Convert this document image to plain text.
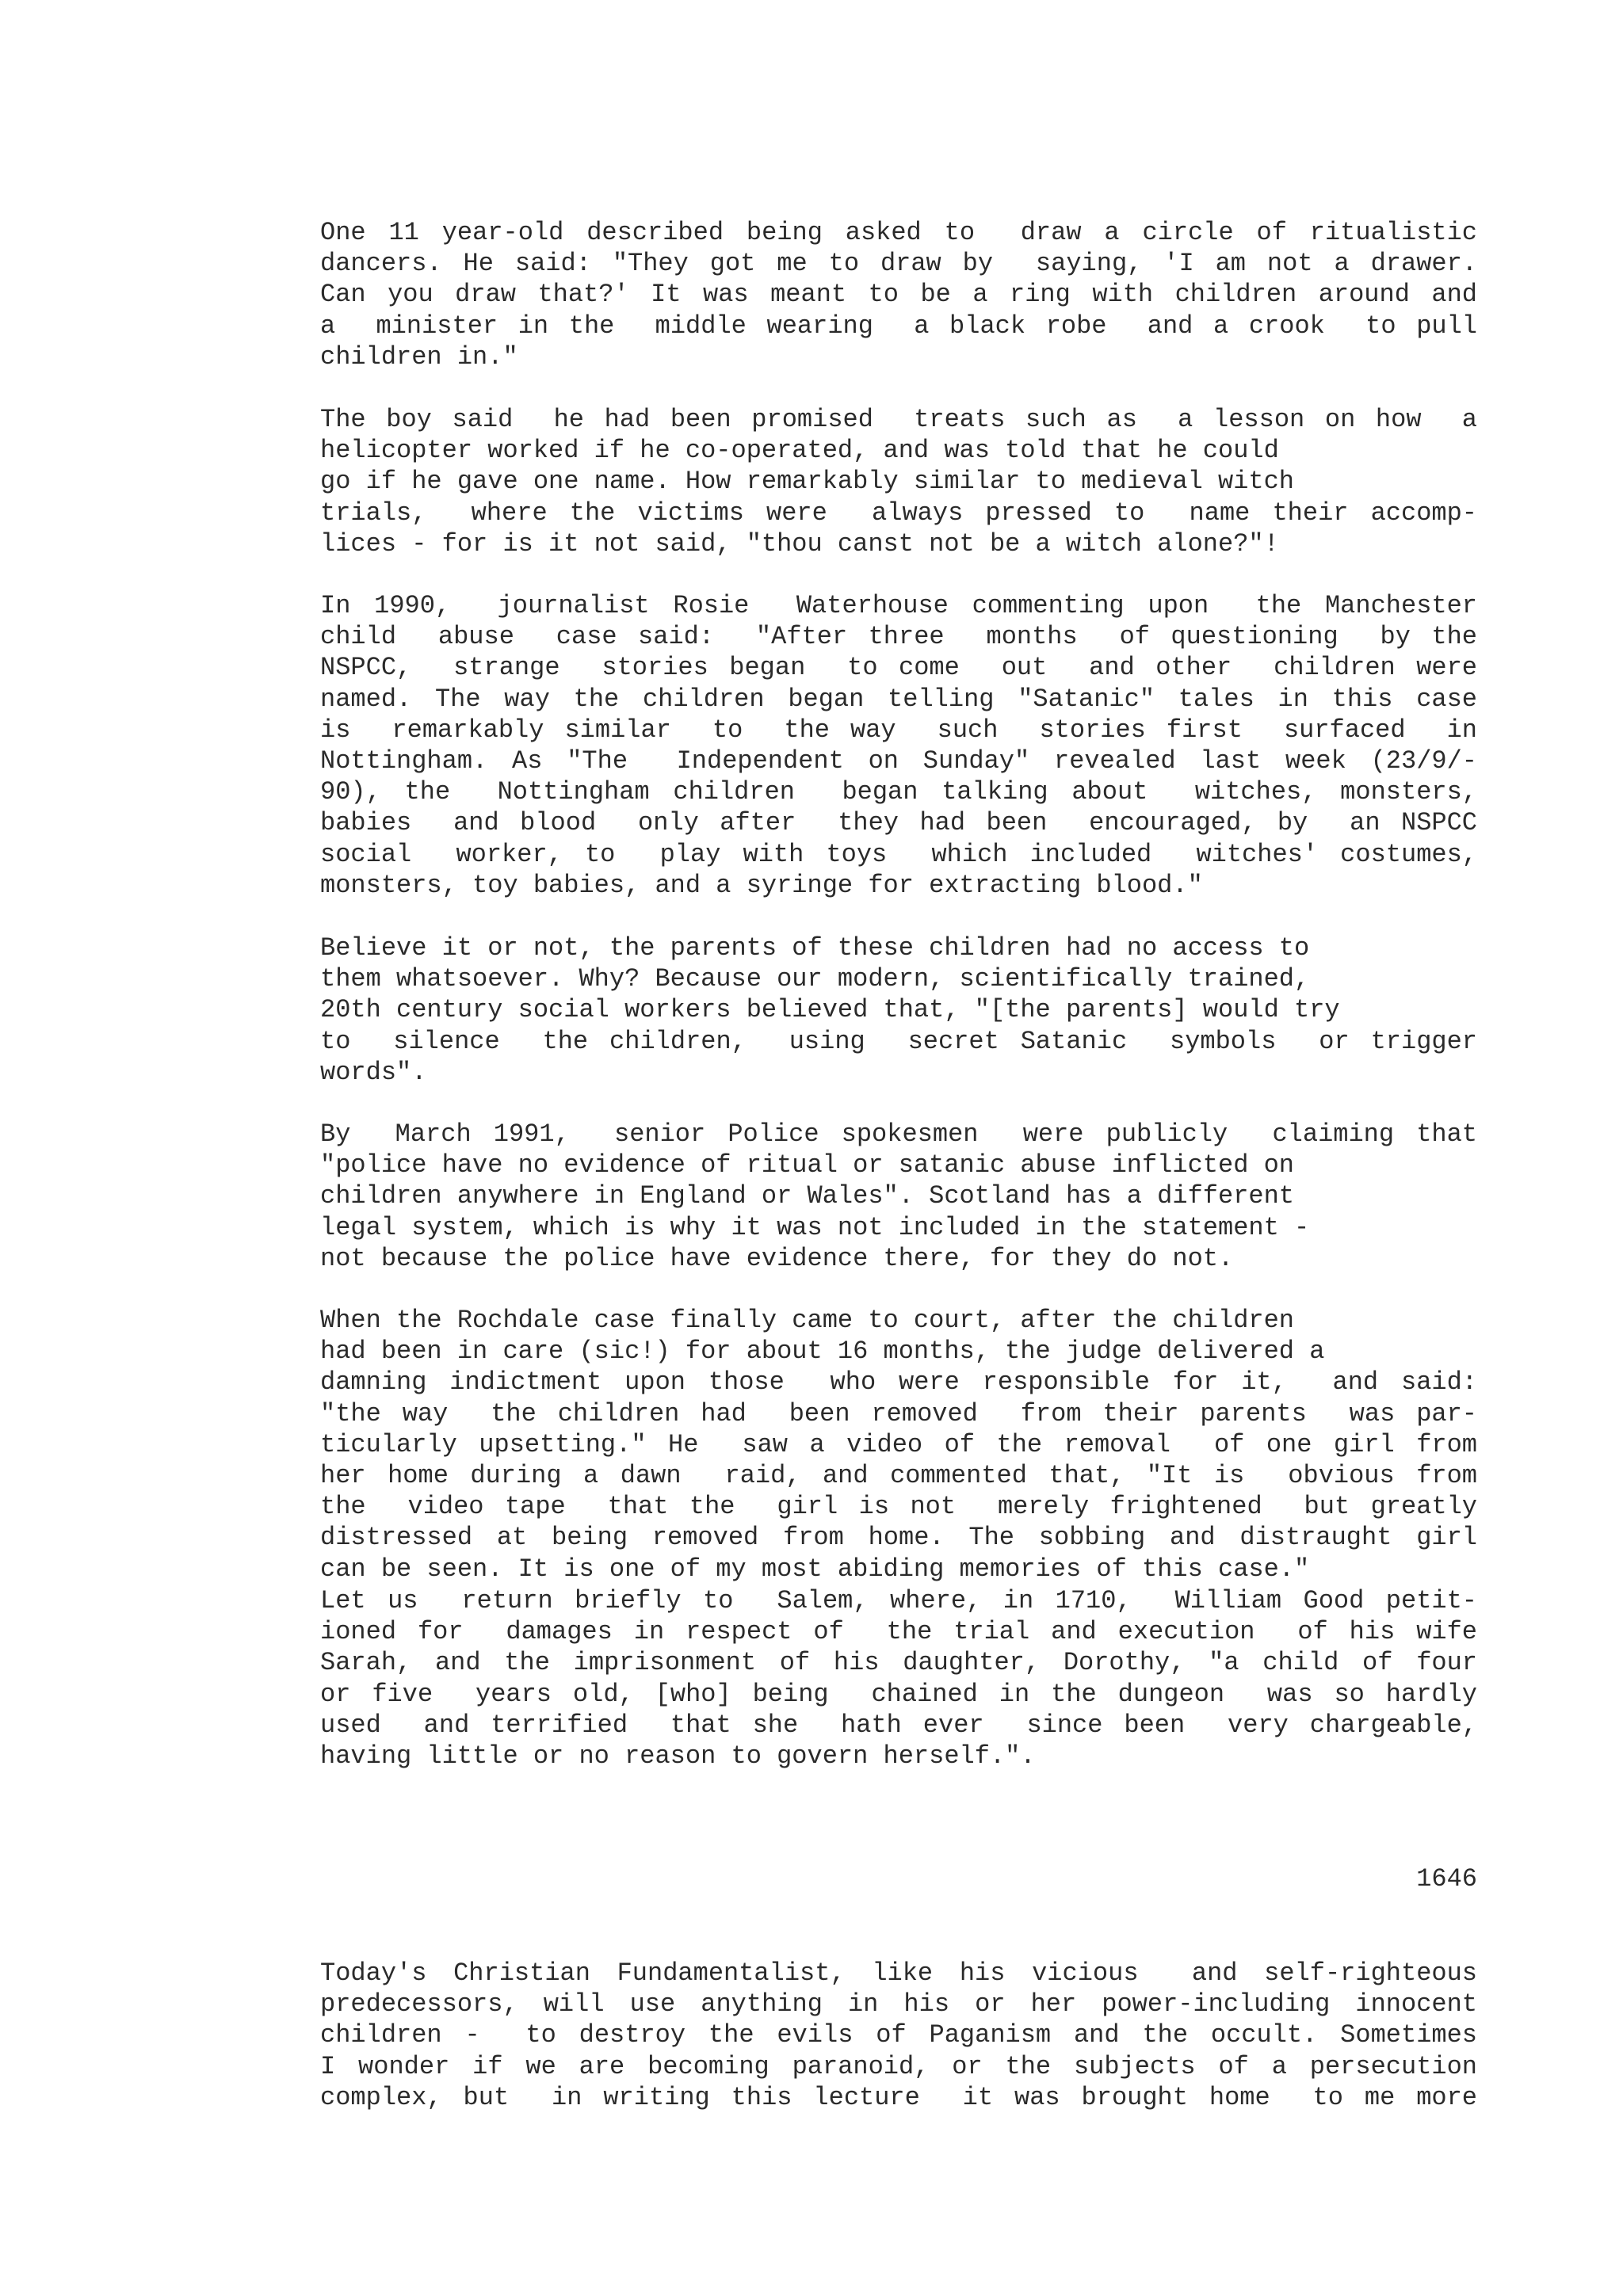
One 11 year-old described being asked to  draw a circle of ritualistic
dancers. He said: "They got me to draw by  saying, 'I am not a drawer.
Can you draw that?' It was meant to be a ring with children around and
a  minister in the  middle wearing  a black robe  and a crook  to pull
children in."
The boy said  he had been promised  treats such as  a lesson on how  a
helicopter worked if he co-operated, and was told that he could
go if he gave one name. How remarkably similar to medieval witch
trials,  where the victims were  always pressed to  name their accomp-
lices - for is it not said, "thou canst not be a witch alone?"!
In 1990,  journalist Rosie  Waterhouse commenting upon  the Manchester
child  abuse  case said:  "After three  months  of questioning  by the
NSPCC,  strange  stories began  to come  out  and other  children were
named. The way the children began telling "Satanic" tales in this case
is  remarkably similar  to  the way  such  stories first  surfaced  in
Nottingham. As "The  Independent on Sunday" revealed last week (23/9/-
90), the  Nottingham children  began talking about  witches, monsters,
babies  and blood  only after  they had been  encouraged, by  an NSPCC
social  worker, to  play with toys  which included  witches' costumes,
monsters, toy babies, and a syringe for extracting blood."
Believe it or not, the parents of these children had no access to
them whatsoever. Why? Because our modern, scientifically trained,
20th century social workers believed that, "[the parents] would try
to  silence  the children,  using  secret Satanic  symbols  or trigger
words".
By  March 1991,  senior Police spokesmen  were publicly  claiming that
"police have no evidence of ritual or satanic abuse inflicted on
children anywhere in England or Wales". Scotland has a different
legal system, which is why it was not included in the statement -
not because the police have evidence there, for they do not.
When the Rochdale case finally came to court, after the children
had been in care (sic!) for about 16 months, the judge delivered a
damning indictment upon those  who were responsible for it,  and said:
"the way  the children had  been removed  from their parents  was par-
ticularly upsetting." He  saw a video of the removal  of one girl from
her home during a dawn  raid, and commented that, "It is  obvious from
the  video tape  that the  girl is not  merely frightened  but greatly
distressed at being removed from home. The sobbing and distraught girl
can be seen. It is one of my most abiding memories of this case."
Let us  return briefly to  Salem, where, in 1710,  William Good petit-
ioned for  damages in respect of  the trial and execution  of his wife
Sarah, and the imprisonment of his daughter, Dorothy, "a child of four
or five  years old, [who] being  chained in the dungeon  was so hardly
used  and terrified  that she  hath ever  since been  very chargeable,
having little or no reason to govern herself.".
1646
Today's Christian Fundamentalist, like his vicious  and self-righteous
predecessors, will use anything in his or her power-including innocent
children -  to destroy the evils of Paganism and the occult. Sometimes
I wonder if we are becoming paranoid, or the subjects of a persecution
complex, but  in writing this lecture  it was brought home  to me more
